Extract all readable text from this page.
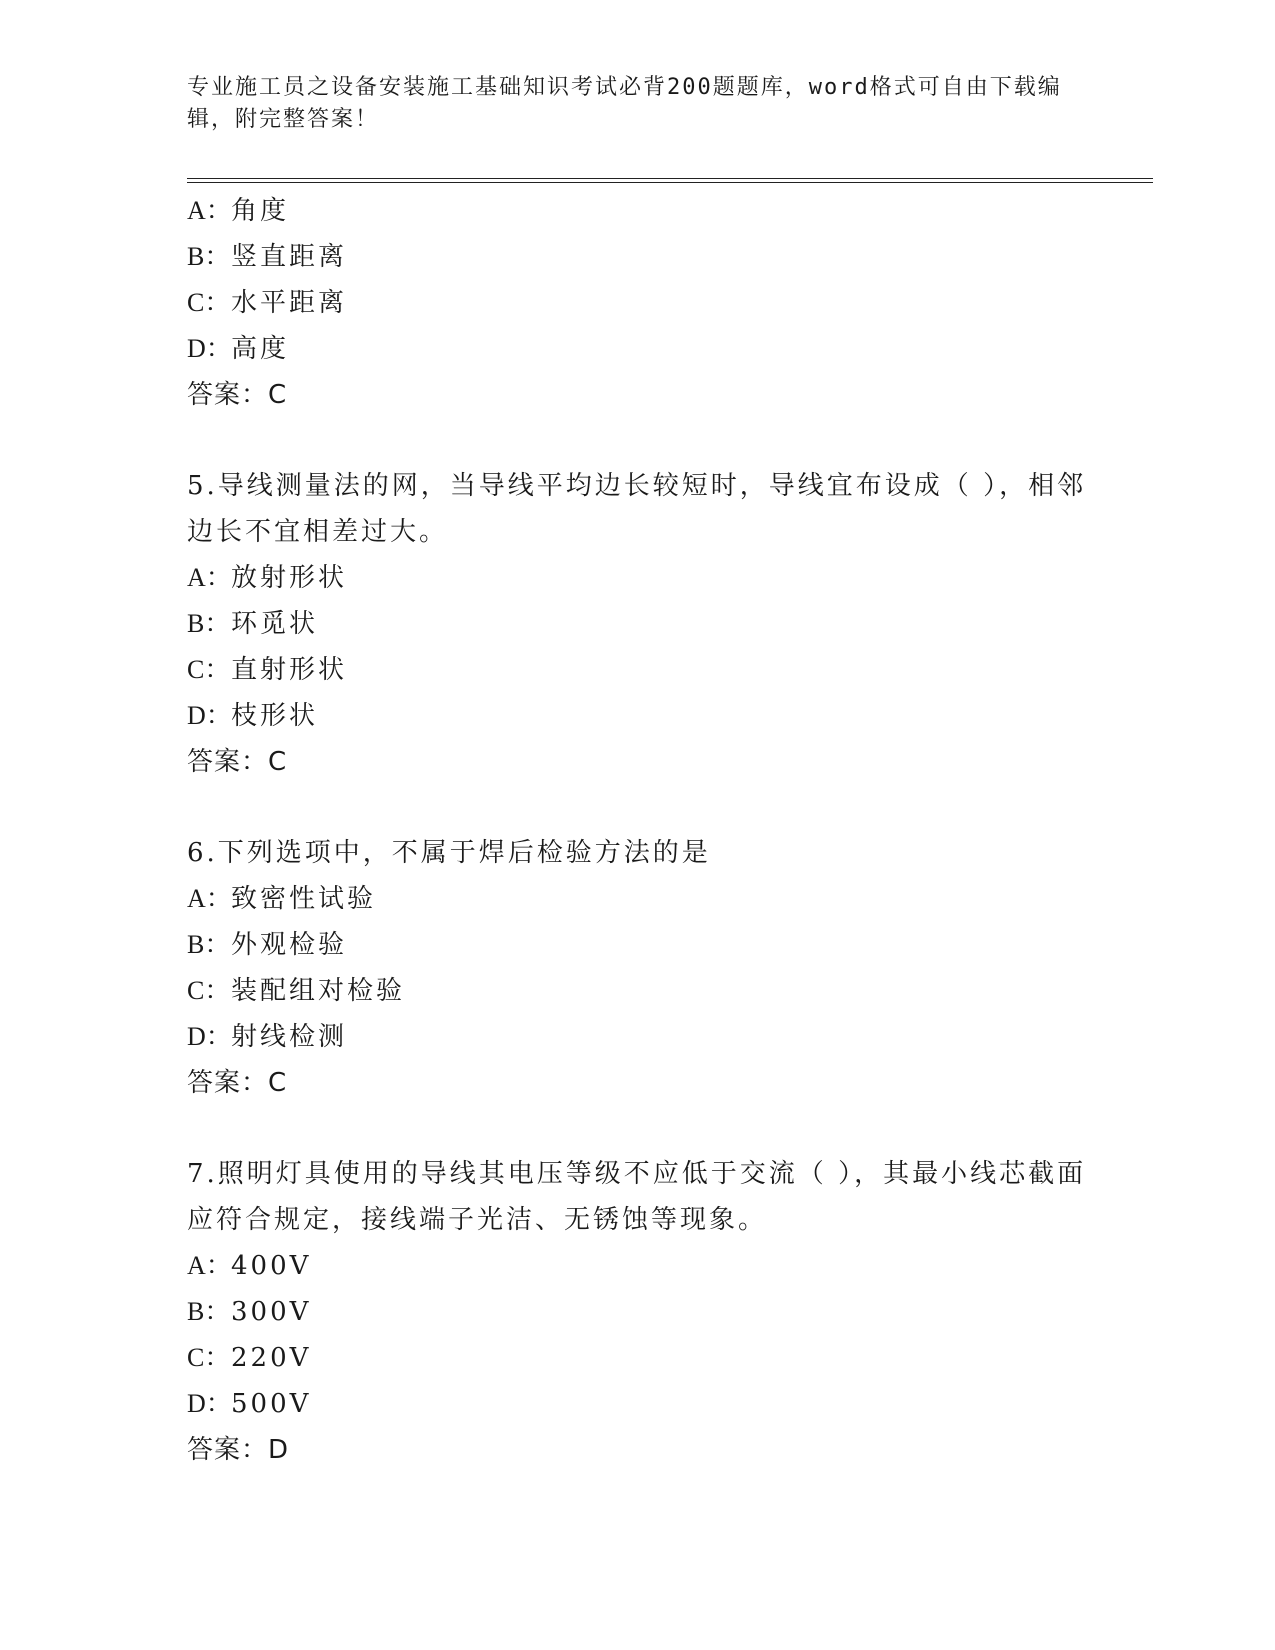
专业施工员之设备安装施工基础知识考试必背200题题库，word格式可自由下载编辑，附完整答案！
A：角度
B：竖直距离
C：水平距离
D：高度
答案：C
5.导线测量法的网，当导线平均边长较短时，导线宜布设成（ ），相邻边长不宜相差过大。
A：放射形状
B：环觅状
C：直射形状
D：枝形状
答案：C
6.下列选项中，不属于焊后检验方法的是
A：致密性试验
B：外观检验
C：装配组对检验
D：射线检测
答案：C
7.照明灯具使用的导线其电压等级不应低于交流（ ），其最小线芯截面应符合规定，接线端子光洁、无锈蚀等现象。
A：400V
B：300V
C：220V
D：500V
答案：D
